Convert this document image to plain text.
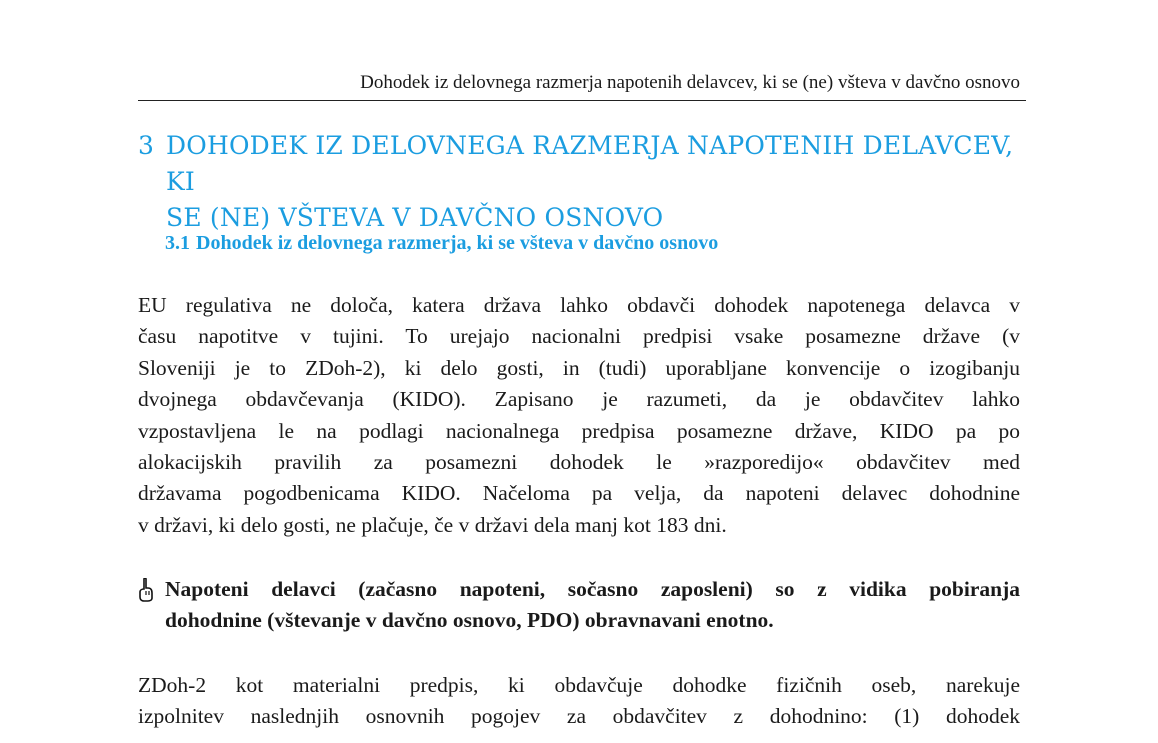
Dohodek iz delovnega razmerja napotenih delavcev, ki se (ne) všteva v davčno osnovo
3 DOHODEK IZ DELOVNEGA RAZMERJA NAPOTENIH DELAVCEV, KI
SE (NE) VŠTEVA V DAVČNO OSNOVO
3.1 Dohodek iz delovnega razmerja, ki se všteva v davčno osnovo
EU regulativa ne določa, katera država lahko obdavči dohodek napotenega delavca v
času napotitve v tujini. To urejajo nacionalni predpisi vsake posamezne države (v
Sloveniji je to ZDoh-2), ki delo gosti, in (tudi) uporabljane konvencije o izogibanju
dvojnega obdavčevanja (KIDO). Zapisano je razumeti, da je obdavčitev lahko
vzpostavljena le na podlagi nacionalnega predpisa posamezne države, KIDO pa po
alokacijskih pravilih za posamezni dohodek le »razporedijo« obdavčitev med
državama pogodbenicama KIDO. Načeloma pa velja, da napoteni delavec dohodnine
v državi, ki delo gosti, ne plačuje, če v državi dela manj kot 183 dni.
Napoteni delavci (začasno napoteni, sočasno zaposleni) so z vidika pobiranja
dohodnine (vštevanje v davčno osnovo, PDO) obravnavani enotno.
ZDoh-2 kot materialni predpis, ki obdavčuje dohodke fizičnih oseb, narekuje
izpolnitev naslednjih osnovnih pogojev za obdavčitev z dohodnino: (1) dohodek
